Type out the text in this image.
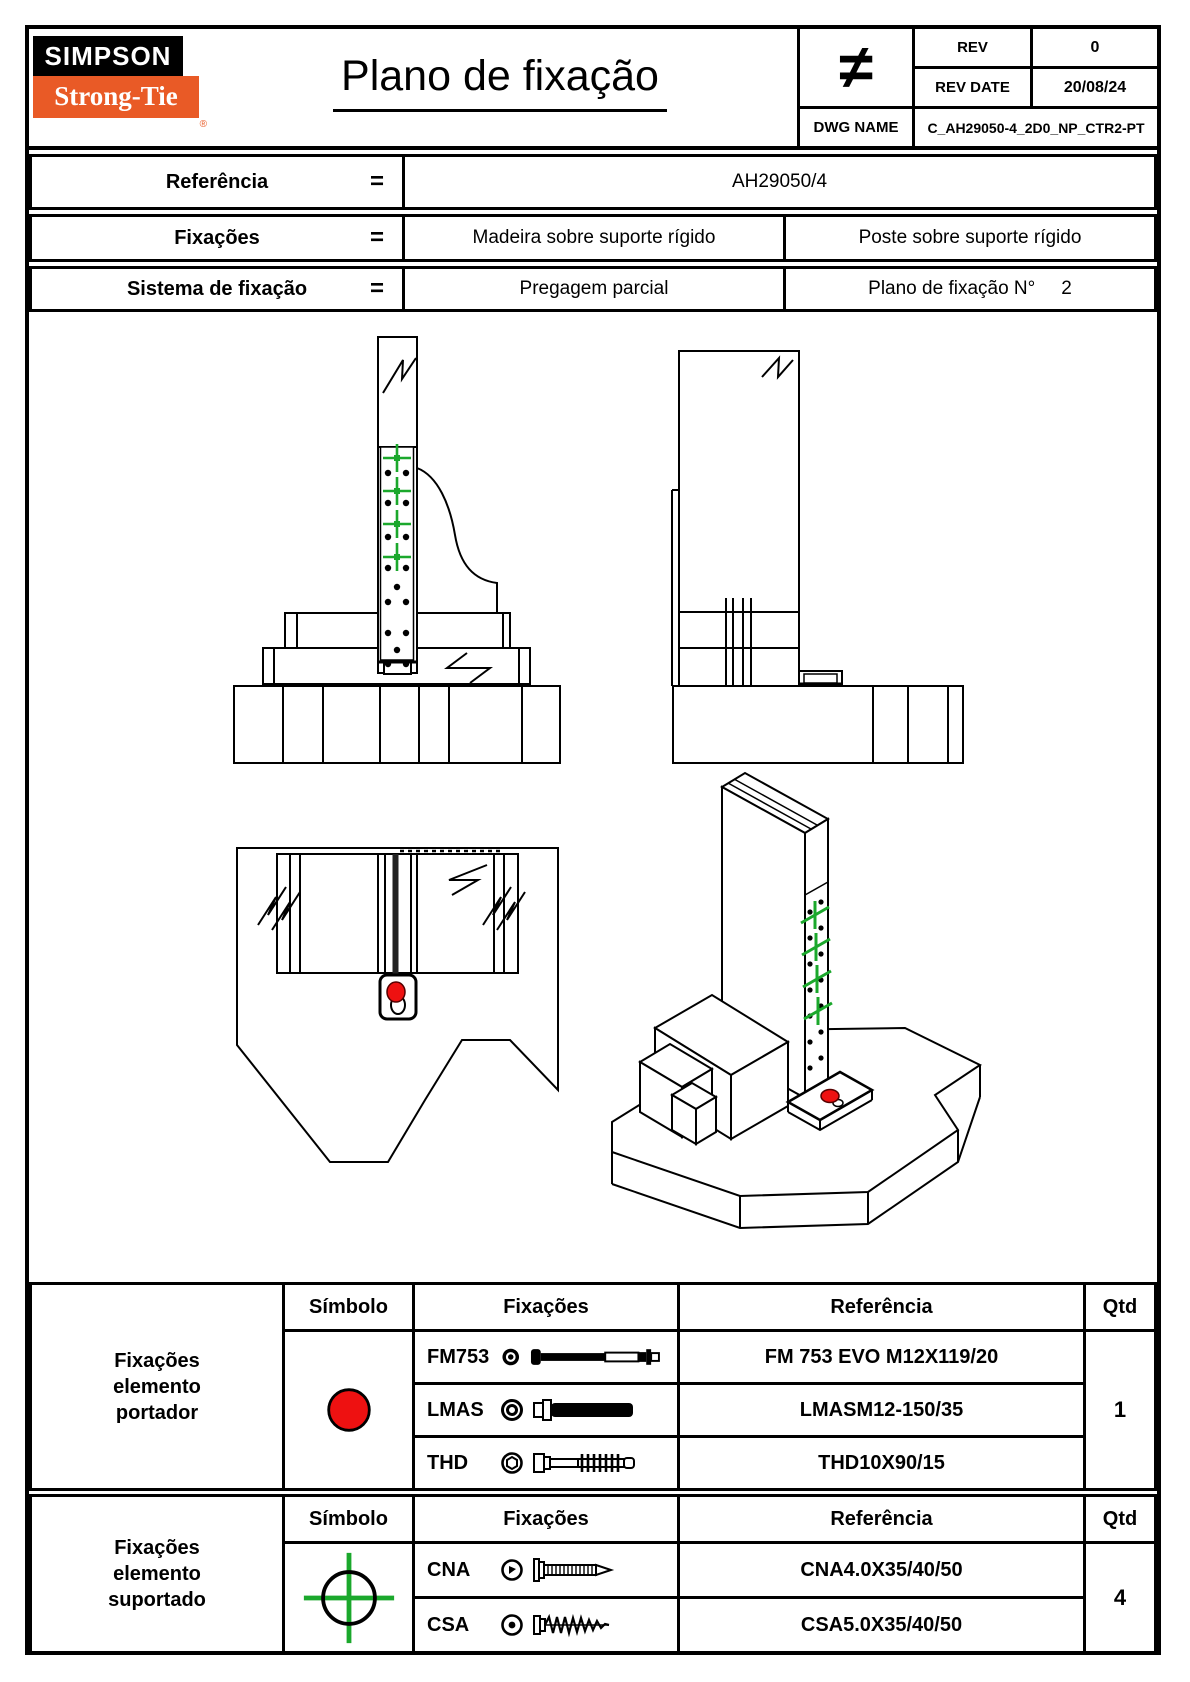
SIMPSON
Strong-Tie
®
Plano de fixação	≠	REV	0
REV DATE	20/08/24
DWG NAME	C_AH29050-4_2D0_NP_CTR2-PT
Referência	=	AH29050/4
Fixações	=	Madeira sobre suporte rígido	Poste sobre suporte rígido
Sistema de fixação	=	Pregagem parcial	Plano de fixação N° 2
Fixações elemento portador
Símbolo	Fixações	Referência	Qtd
FM753	FM 753 EVO M12X119/20
LMAS	LMASM12-150/35
THD	THD10X90/15
1
Fixações elemento suportado
Símbolo	Fixações	Referência	Qtd
CNA	CNA4.0X35/40/50
CSA	CSA5.0X35/40/50
4
